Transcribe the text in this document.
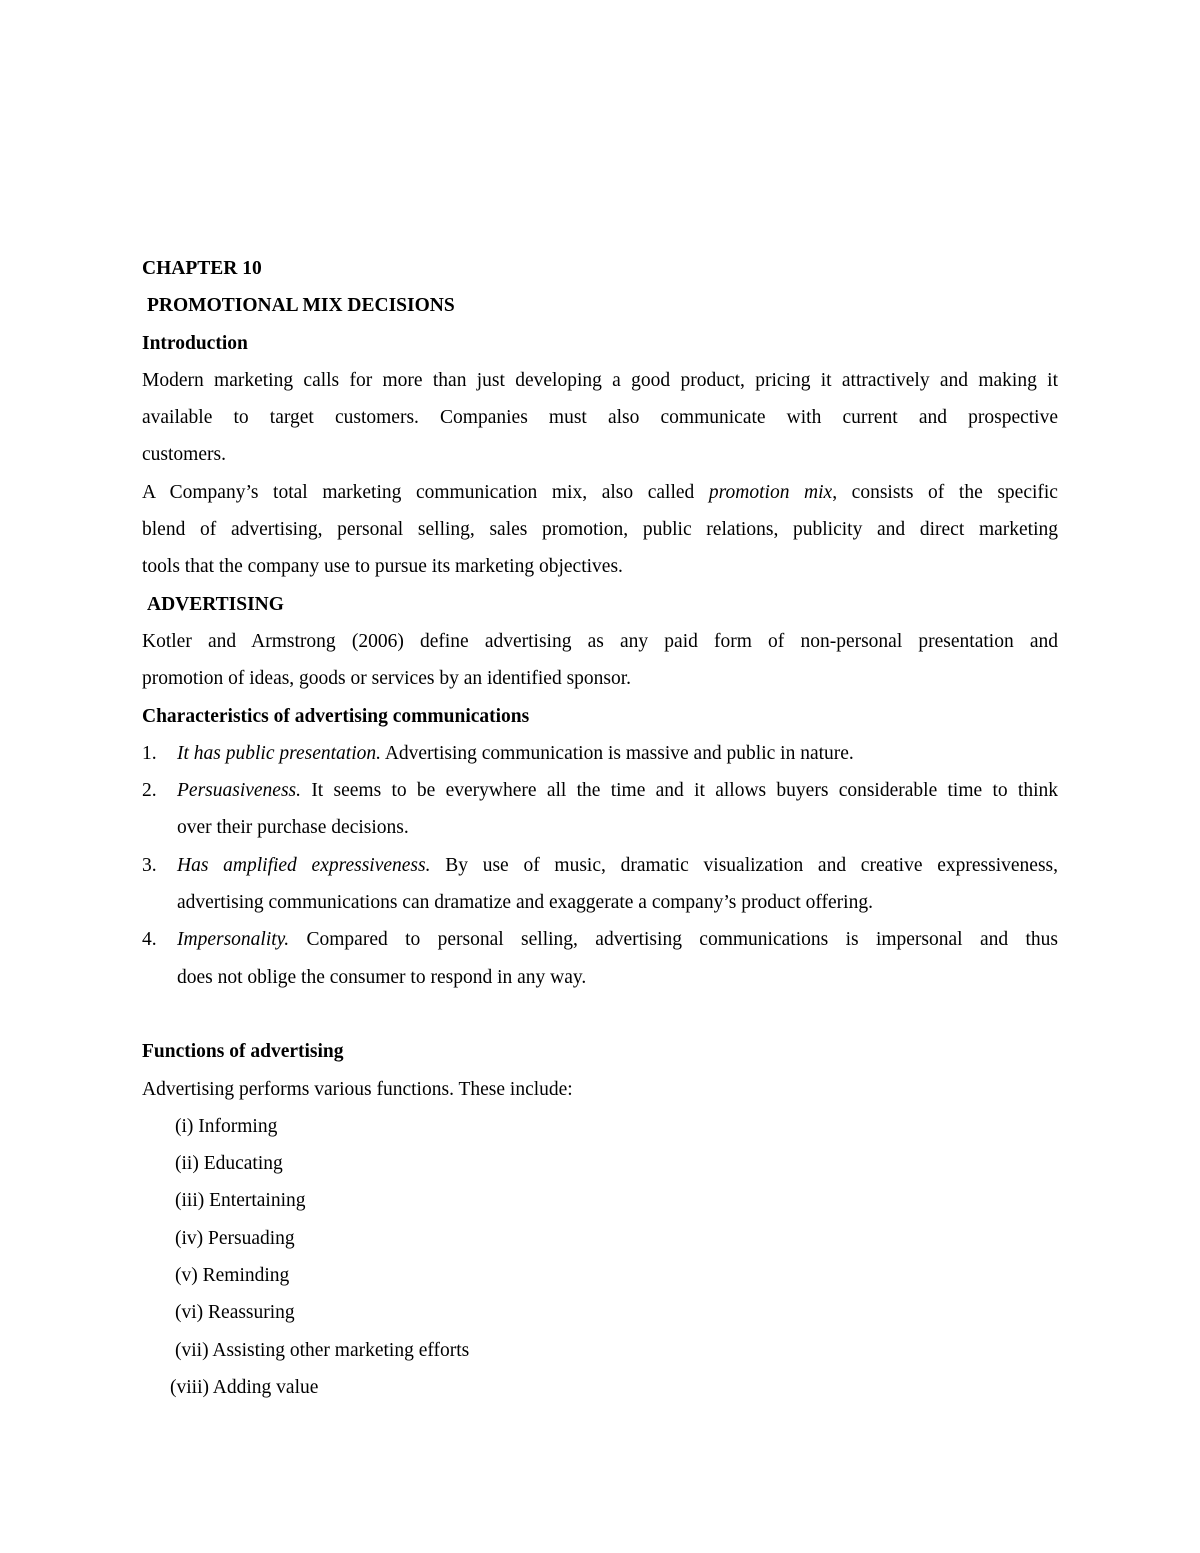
CHAPTER 10
PROMOTIONAL MIX DECISIONS
Introduction
Modern marketing calls for more than just developing a good product, pricing it attractively and making it
available to target customers. Companies must also communicate with current and prospective
customers.
A Company’s total marketing communication mix, also called promotion mix, consists of the specific
blend of advertising, personal selling, sales promotion, public relations, publicity and direct marketing
tools that the company use to pursue its marketing objectives.
ADVERTISING
Kotler and Armstrong (2006) define advertising as any paid form of non-personal presentation and
promotion of ideas, goods or services by an identified sponsor.
Characteristics of advertising communications
1. It has public presentation. Advertising communication is massive and public in nature.
2. Persuasiveness. It seems to be everywhere all the time and it allows buyers considerable time to think
over their purchase decisions.
3. Has amplified expressiveness. By use of music, dramatic visualization and creative expressiveness,
advertising communications can dramatize and exaggerate a company’s product offering.
4. Impersonality. Compared to personal selling, advertising communications is impersonal and thus
does not oblige the consumer to respond in any way.
Functions of advertising
Advertising performs various functions. These include:
(i) Informing
(ii) Educating
(iii) Entertaining
(iv) Persuading
(v) Reminding
(vi) Reassuring
(vii) Assisting other marketing efforts
(viii) Adding value
